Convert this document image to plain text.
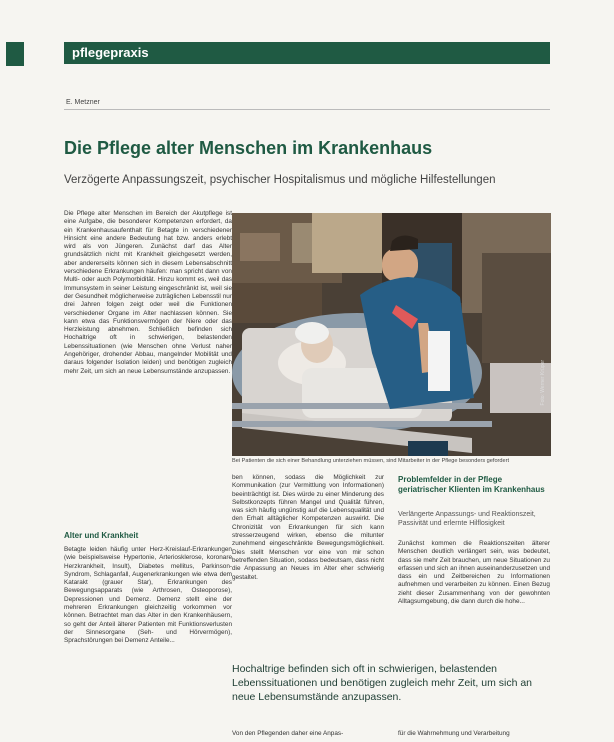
pflegepraxis
E. Metzner
Die Pflege alter Menschen im Krankenhaus
Verzögerte Anpassungszeit, psychischer Hospitalismus und mögliche Hilfestellungen
Die Pflege alter Menschen im Bereich der Akutpflege ist eine Aufgabe, die besonderer Kompetenzen erfordert, da ein Krankenhausaufenthalt für Betagte in verschiedener Hinsicht eine andere Bedeutung hat bzw. anders erlebt wird als von Jüngeren. Zunächst darf das Alter grundsätzlich nicht mit Krankheit gleichgesetzt werden, aber andererseits können sich in diesem Lebensabschnitt verschiedene Erkrankungen häufen: man spricht dann von Multi- oder auch Polymorbidität. Hinzu kommt es, weil das Immunsystem in seiner Leistung eingeschränkt ist, weil sie der Gesundheit möglicherweise zuträglichen Lebensstil nur drei Jahren folgen zeigt oder weil die Funktionen verschiedener Organe im Alter nachlassen können. Sie kann etwa das Funktionsvermögen der Niere oder das Herzleistung abnehmen. Schließlich befinden sich Hochaltrige oft in schwierigen, belastenden Lebenssituationen (wie Menschen ohne Verlust naher Angehöriger, drohender Abbau, mangelnder Mobilität und daraus folgender Isolation leiden) und benötigen zugleich mehr Zeit, um sich an neue Lebensumstände anzupassen.
Alter und Krankheit
Betagte leiden häufig unter Herz-Kreislauf-Erkrankungen (wie beispielsweise Hypertonie, Arteriosklerose, koronare Herzkrankheit, Insult), Diabetes mellitus, Parkinson-Syndrom, Schlaganfall, Augenerkrankungen wie etwa dem Katarakt (grauer Star), Erkrankungen des Bewegungsapparats (wie Arthrosen, Osteoporose), Depressionen und Demenz. Demenz stellt eine der mehreren Erkrankungen gleichzeitig vorkommen vor können. Betrachtet man das Alter in den Krankenhäusern, so geht der Anteil älterer Patienten mit Funktionsverlusten der Sinnesorgane (Seh- und Hörvermögen), Sprachstörungen bei Demenz Anteile...
Foto: Werner Krüper
Bei Patienten die sich einer Behandlung unterziehen müssen, sind Mitarbeiter in der Pflege besonders gefordert
ben können, sodass die Möglichkeit zur Kommunikation (zur Vermittlung von Informationen) beeinträchtigt ist. Dies würde zu einer Minderung des Selbstkonzepts führen Mangel und Qualität führen, was sich häufig ungünstig auf die Lebensqualität und den Erhalt alltäglicher Kompetenzen auswirkt. Die Chronizität von Erkrankungen für sich kann stresserzeugend wirken, ebenso die mitunter zunehmend eingeschränkte Bewegungsmöglichkeit. Dies stellt Menschen vor eine von mir schon betreffenden Situation, sodass bedeutsam, dass nicht die Anpassung an Neues im Alter eher schwierig gestaltet.
Problemfelder in der Pflege geriatrischer Klienten im Krankenhaus
Verlängerte Anpassungs- und Reaktionszeit, Passivität und erlernte Hilflosigkeit
Zunächst kommen die Reaktionszeiten älterer Menschen deutlich verlängert sein, was bedeutet, dass sie mehr Zeit brauchen, um neue Situationen zu erfassen und sich an ihnen auseinanderzusetzen und dass ein und Zeitbereichen zu Informationen aufnehmen und verarbeiten zu können. Einen Bezug zieht dieser Zusammenhang von der gewohnten Alltagsumgebung, die dann durch die hohe...
Hochaltrige befinden sich oft in schwierigen, belastenden Lebenssituationen und benötigen zugleich mehr Zeit, um sich an neue Lebensumstände anzupassen.
Von den Pflegenden daher eine Anpas-	für die Wahrnehmung und Verarbeitung
